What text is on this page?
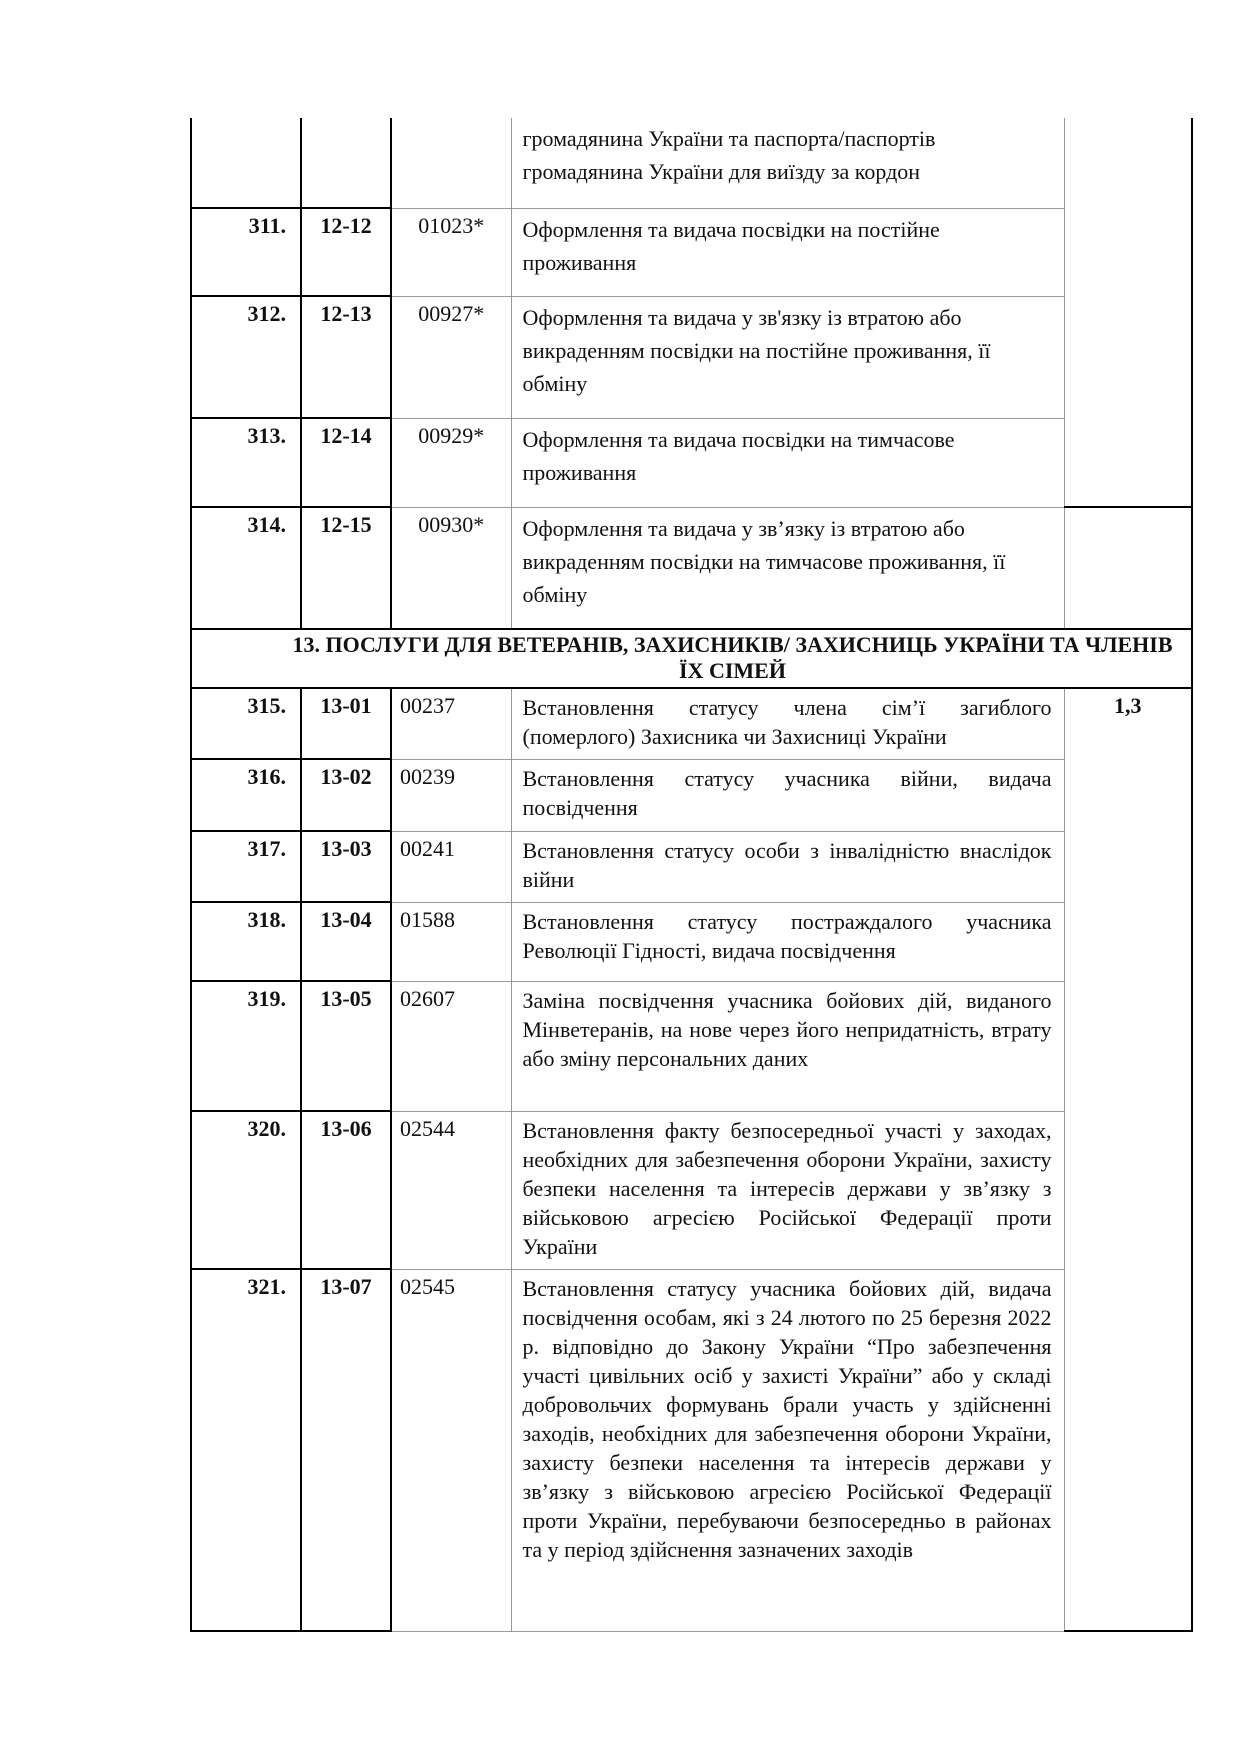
			громадянина України та паспорта/паспортів громадянина України для виїзду за кордон	
311.	12-12	01023*	Оформлення та видача посвідки на постійне проживання	
312.	12-13	00927*	Оформлення та видача у зв'язку із втратою або викраденням посвідки на постійне проживання, її обміну	
313.	12-14	00929*	Оформлення та видача посвідки на тимчасове проживання	
314.	12-15	00930*	Оформлення та видача у зв’язку із втратою або викраденням посвідки на тимчасове проживання, її обміну	
13. ПОСЛУГИ ДЛЯ ВЕТЕРАНІВ, ЗАХИСНИКІВ/ ЗАХИСНИЦЬ УКРАЇНИ ТА ЧЛЕНІВ ЇХ СІМЕЙ				
315.	13-01	00237	Встановлення статусу члена сім’ї загиблого (померлого) Захисника чи Захисниці України	1,3
316.	13-02	00239	Встановлення статусу учасника війни, видача посвідчення	
317.	13-03	00241	Встановлення статусу особи з інвалідністю внаслідок війни	
318.	13-04	01588	Встановлення статусу постраждалого учасника Революції Гідності, видача посвідчення	
319.	13-05	02607	Заміна посвідчення учасника бойових дій, виданого Мінветеранів, на нове через його непридатність, втрату або зміну персональних даних	
320.	13-06	02544	Встановлення факту безпосередньої участі у заходах, необхідних для забезпечення оборони України, захисту безпеки населення та інтересів держави у зв’язку з військовою агресією Російської Федерації проти України	
321.	13-07	02545	Встановлення статусу учасника бойових дій, видача посвідчення особам, які з 24 лютого по 25 березня 2022 р. відповідно до Закону України “Про забезпечення участі цивільних осіб у захисті України” або у складі добровольчих формувань брали участь у здійсненні заходів, необхідних для забезпечення оборони України, захисту безпеки населення та інтересів держави у зв’язку з військовою агресією Російської Федерації проти України, перебуваючи безпосередньо в районах та у період здійснення зазначених заходів	
